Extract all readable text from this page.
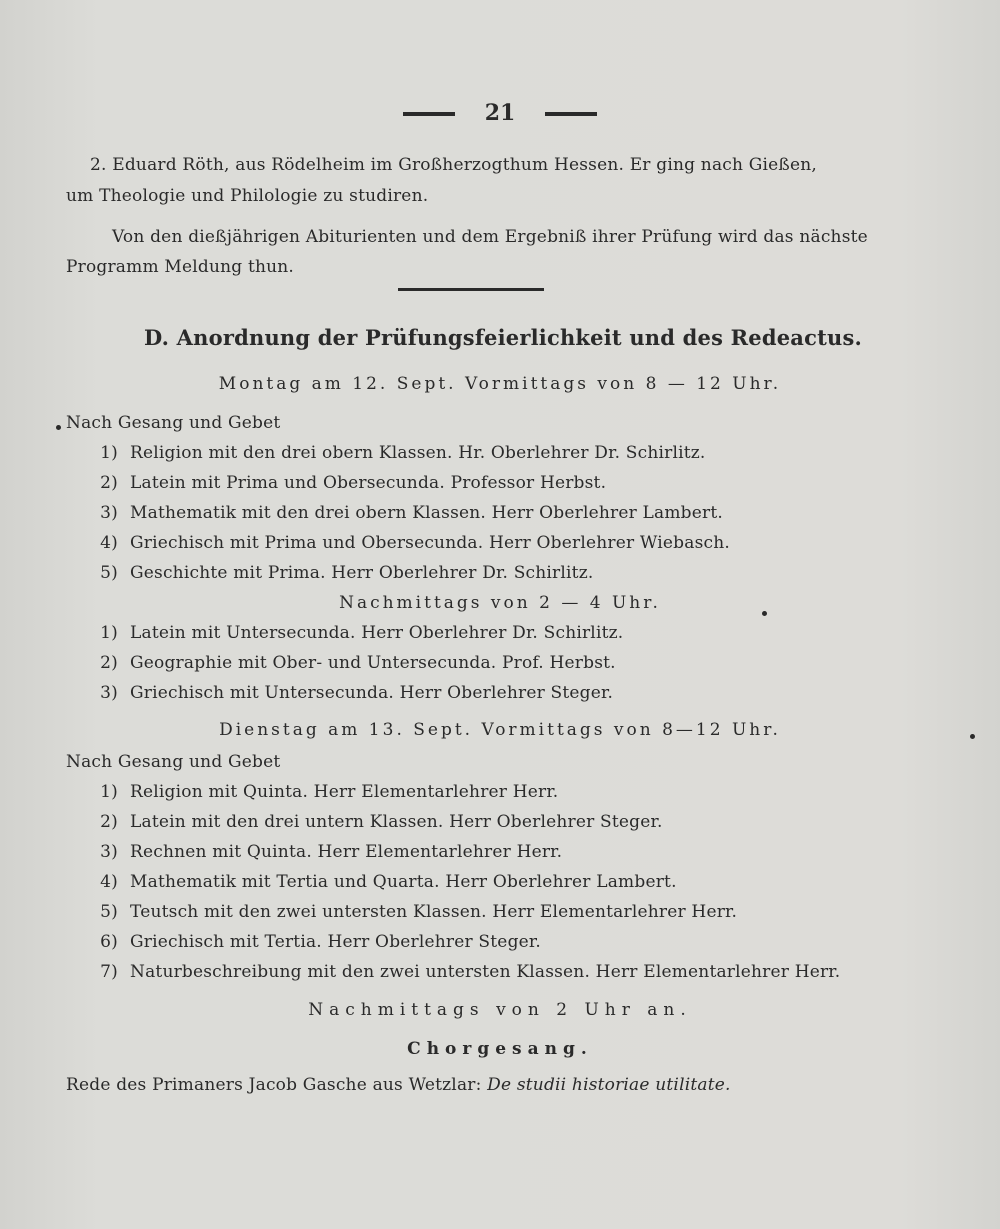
21
2. Eduard Röth, aus Rödelheim im Großherzogthum Hessen. Er ging nach Gießen,
um Theologie und Philologie zu studiren.
Von den dießjährigen Abiturienten und dem Ergebniß ihrer Prüfung wird das nächste
Programm Meldung thun.
D. Anordnung der Prüfungsfeierlichkeit und des Redeactus.
Montag am 12. Sept. Vormittags von 8 — 12 Uhr.
Nach Gesang und Gebet
1) Religion mit den drei obern Klassen. Hr. Oberlehrer Dr. Schirlitz.
2) Latein mit Prima und Obersecunda. Professor Herbst.
3) Mathematik mit den drei obern Klassen. Herr Oberlehrer Lambert.
4) Griechisch mit Prima und Obersecunda. Herr Oberlehrer Wiebasch.
5) Geschichte mit Prima. Herr Oberlehrer Dr. Schirlitz.
Nachmittags von 2 — 4 Uhr.
1) Latein mit Untersecunda. Herr Oberlehrer Dr. Schirlitz.
2) Geographie mit Ober- und Untersecunda. Prof. Herbst.
3) Griechisch mit Untersecunda. Herr Oberlehrer Steger.
Dienstag am 13. Sept. Vormittags von 8—12 Uhr.
Nach Gesang und Gebet
1) Religion mit Quinta. Herr Elementarlehrer Herr.
2) Latein mit den drei untern Klassen. Herr Oberlehrer Steger.
3) Rechnen mit Quinta. Herr Elementarlehrer Herr.
4) Mathematik mit Tertia und Quarta. Herr Oberlehrer Lambert.
5) Teutsch mit den zwei untersten Klassen. Herr Elementarlehrer Herr.
6) Griechisch mit Tertia. Herr Oberlehrer Steger.
7) Naturbeschreibung mit den zwei untersten Klassen. Herr Elementarlehrer Herr.
Nachmittags von 2 Uhr an.
Chorgesang.
Rede des Primaners Jacob Gasche aus Wetzlar: De studii historiae utilitate.
